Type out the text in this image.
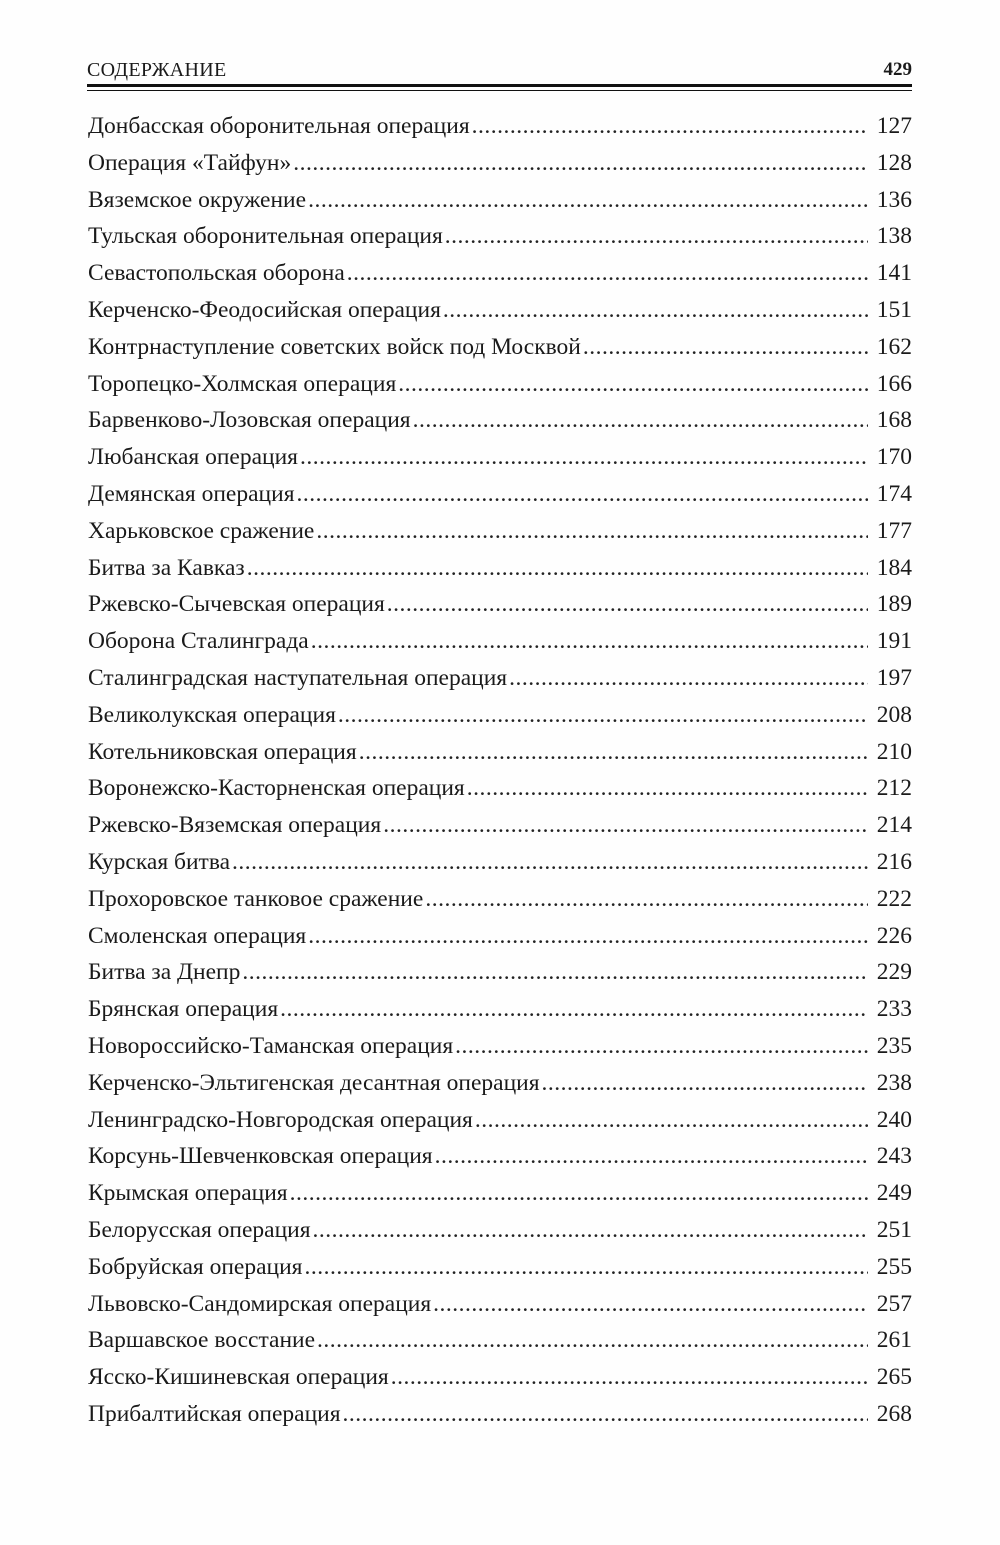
СОДЕРЖАНИЕ	429
Донбасская оборонительная операция .....	127
Операция «Тайфун» .....	128
Вяземское окружение .....	136
Тульская оборонительная операция .....	138
Севастопольская оборона .....	141
Керченско-Феодосийская операция .....	151
Контрнаступление советских войск под Москвой .....	162
Торопецко-Холмская операция .....	166
Барвенково-Лозовская операция .....	168
Любанская операция .....	170
Демянская операция .....	174
Харьковское сражение .....	177
Битва за Кавказ .....	184
Ржевско-Сычевская операция .....	189
Оборона Сталинграда .....	191
Сталинградская наступательная операция .....	197
Великолукская операция .....	208
Котельниковская операция .....	210
Воронежско-Касторненская операция .....	212
Ржевско-Вяземская операция .....	214
Курская битва .....	216
Прохоровское танковое сражение .....	222
Смоленская операция .....	226
Битва за Днепр .....	229
Брянская операция .....	233
Новороссийско-Таманская операция .....	235
Керченско-Эльтигенская десантная операция .....	238
Ленинградско-Новгородская операция .....	240
Корсунь-Шевченковская операция .....	243
Крымская операция .....	249
Белорусская операция .....	251
Бобруйская операция .....	255
Львовско-Сандомирская операция .....	257
Варшавское восстание .....	261
Ясско-Кишиневская операция .....	265
Прибалтийская операция .....	268
